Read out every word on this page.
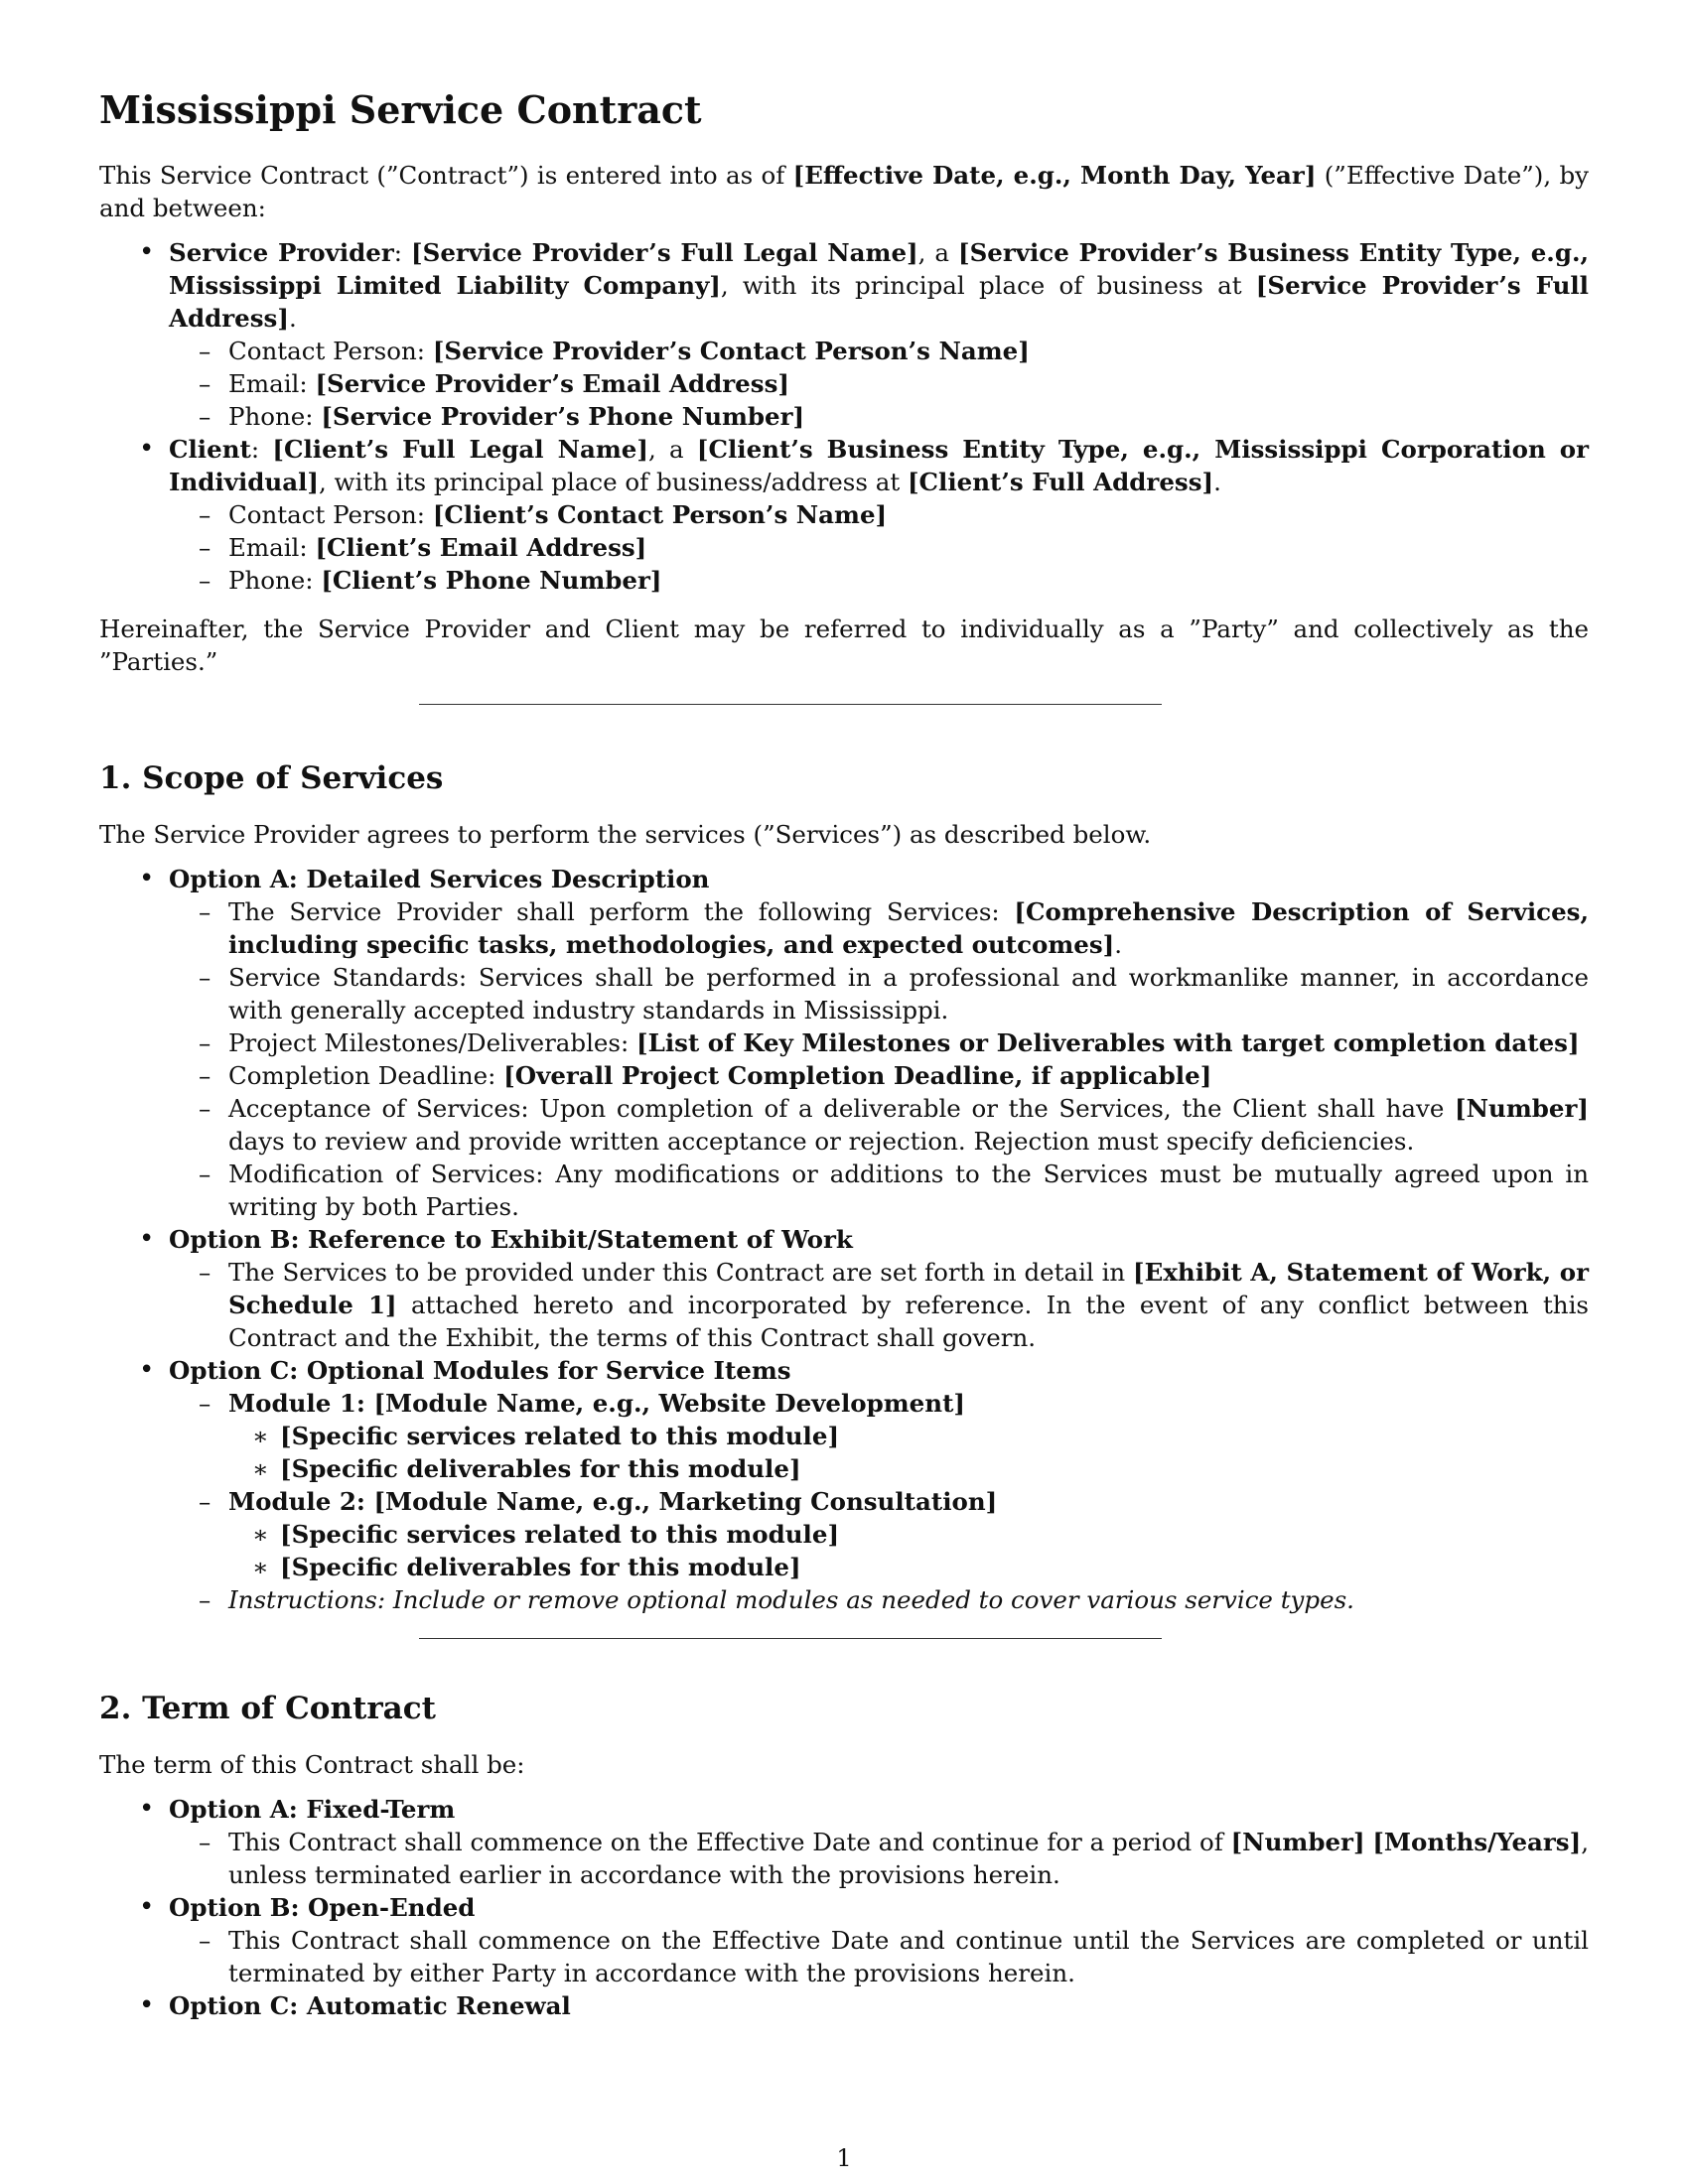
Mississippi Service Contract

This Service Contract (”Contract”) is entered into as of [Effective Date, e.g., Month Day, Year] (”Effective Date”), by and between:

• Service Provider: [Service Provider’s Full Legal Name], a [Service Provider’s Business Entity Type, e.g., Mississippi Limited Liability Company], with its principal place of business at [Service Provider’s Full Address].
– Contact Person: [Service Provider’s Contact Person’s Name]
– Email: [Service Provider’s Email Address]
– Phone: [Service Provider’s Phone Number]
• Client: [Client’s Full Legal Name], a [Client’s Business Entity Type, e.g., Mississippi Corporation or Individual], with its principal place of business/address at [Client’s Full Address].
– Contact Person: [Client’s Contact Person’s Name]
– Email: [Client’s Email Address]
– Phone: [Client’s Phone Number]

Hereinafter, the Service Provider and Client may be referred to individually as a ”Party” and collectively as the ”Parties.”

1. Scope of Services

The Service Provider agrees to perform the services (”Services”) as described below.

• Option A: Detailed Services Description
– The Service Provider shall perform the following Services: [Comprehensive Description of Services, including specific tasks, methodologies, and expected outcomes].
– Service Standards: Services shall be performed in a professional and workmanlike manner, in accordance with generally accepted industry standards in Mississippi.
– Project Milestones/Deliverables: [List of Key Milestones or Deliverables with target completion dates]
– Completion Deadline: [Overall Project Completion Deadline, if applicable]
– Acceptance of Services: Upon completion of a deliverable or the Services, the Client shall have [Number] days to review and provide written acceptance or rejection. Rejection must specify deficiencies.
– Modification of Services: Any modifications or additions to the Services must be mutually agreed upon in writing by both Parties.
• Option B: Reference to Exhibit/Statement of Work
– The Services to be provided under this Contract are set forth in detail in [Exhibit A, Statement of Work, or Schedule 1] attached hereto and incorporated by reference. In the event of any conflict between this Contract and the Exhibit, the terms of this Contract shall govern.
• Option C: Optional Modules for Service Items
– Module 1: [Module Name, e.g., Website Development]
∗ [Specific services related to this module]
∗ [Specific deliverables for this module]
– Module 2: [Module Name, e.g., Marketing Consultation]
∗ [Specific services related to this module]
∗ [Specific deliverables for this module]
– Instructions: Include or remove optional modules as needed to cover various service types.
2. Term of Contract

The term of this Contract shall be:

• Option A: Fixed-Term
– This Contract shall commence on the Effective Date and continue for a period of [Number] [Months/Years], unless terminated earlier in accordance with the provisions herein.
• Option B: Open-Ended
– This Contract shall commence on the Effective Date and continue until the Services are completed or until terminated by either Party in accordance with the provisions herein.
• Option C: Automatic Renewal
1
